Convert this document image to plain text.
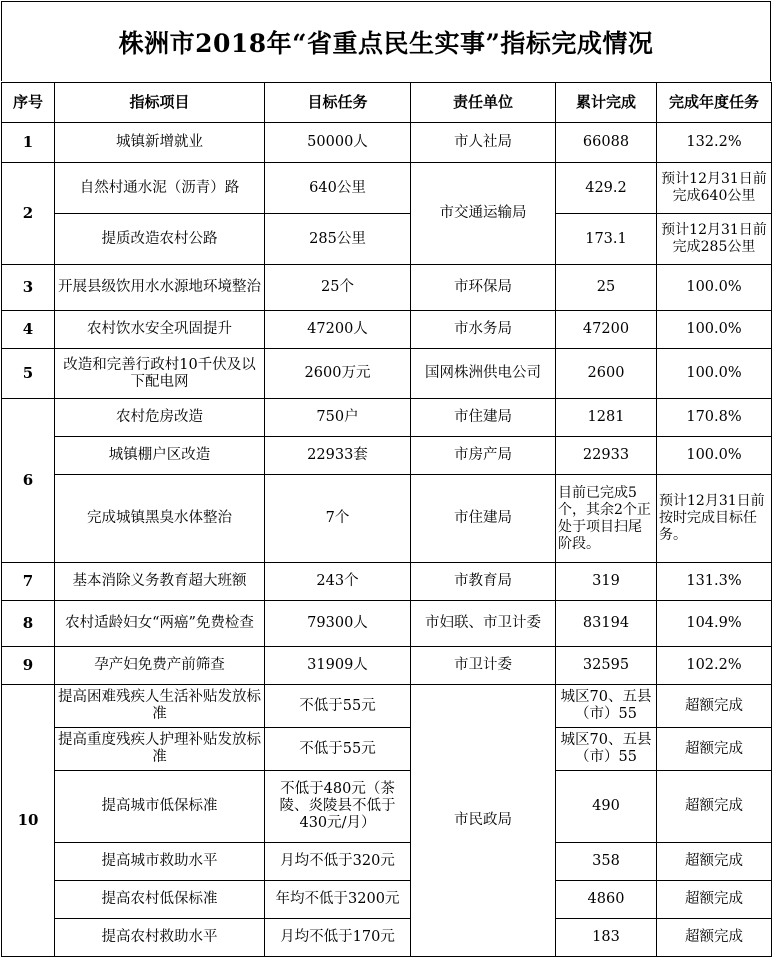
株洲市2018年“省重点民生实事”指标完成情况
序号	指标项目	目标任务	责任单位	累计完成	完成年度任务
1	城镇新增就业	50000人	市人社局	66088	132.2%
2	自然村通水泥（沥青）路	640公里	市交通运输局	429.2	预计12月31日前完成640公里
	提质改造农村公路	285公里		173.1	预计12月31日前完成285公里
3	开展县级饮用水水源地环境整治	25个	市环保局	25	100.0%
4	农村饮水安全巩固提升	47200人	市水务局	47200	100.0%
5	改造和完善行政村10千伏及以下配电网	2600万元	国网株洲供电公司	2600	100.0%
6	农村危房改造	750户	市住建局	1281	170.8%
	城镇棚户区改造	22933套	市房产局	22933	100.0%
	完成城镇黑臭水体整治	7个	市住建局	目前已完成5个，其余2个正处于项目扫尾阶段。	预计12月31日前按时完成目标任务。
7	基本消除义务教育超大班额	243个	市教育局	319	131.3%
8	农村适龄妇女“两癌”免费检查	79300人	市妇联、市卫计委	83194	104.9%
9	孕产妇免费产前筛查	31909人	市卫计委	32595	102.2%
10	提高困难残疾人生活补贴发放标准	不低于55元	市民政局	城区70、五县（市）55	超额完成
	提高重度残疾人护理补贴发放标准	不低于55元		城区70、五县（市）55	超额完成
	提高城市低保标准	不低于480元（茶陵、炎陵县不低于430元/月）		490	超额完成
	提高城市救助水平	月均不低于320元		358	超额完成
	提高农村低保标准	年均不低于3200元		4860	超额完成
	提高农村救助水平	月均不低于170元		183	超额完成
